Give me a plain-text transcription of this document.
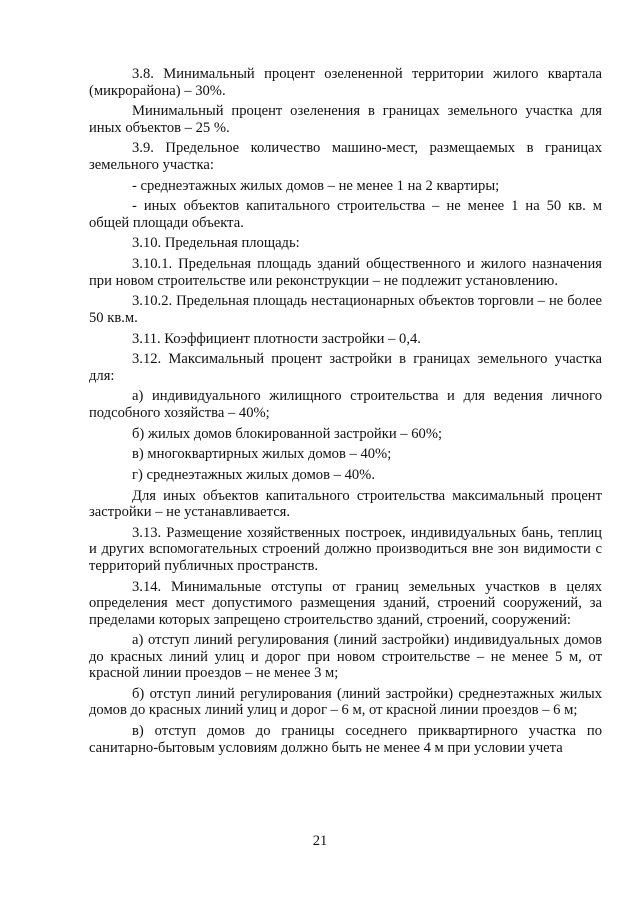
3.8. Минимальный процент озелененной территории жилого квартала (микрорайона) – 30%.

Минимальный процент озеленения в границах земельного участка для иных объектов – 25 %.

3.9. Предельное количество машино-мест, размещаемых в границах земельного участка:

- среднеэтажных жилых домов – не менее 1 на 2 квартиры;

- иных объектов капитального строительства – не менее 1 на 50 кв. м общей площади объекта.

3.10. Предельная площадь:

3.10.1. Предельная площадь зданий общественного и жилого назначения при новом строительстве или реконструкции – не подлежит установлению.

3.10.2. Предельная площадь нестационарных объектов торговли – не более 50 кв.м.

3.11. Коэффициент плотности застройки – 0,4.

3.12. Максимальный процент застройки в границах земельного участка для:

а) индивидуального жилищного строительства и для ведения личного подсобного хозяйства – 40%;

б) жилых домов блокированной застройки – 60%;

в) многоквартирных жилых домов – 40%;

г) среднеэтажных жилых домов – 40%.

Для иных объектов капитального строительства максимальный процент застройки – не устанавливается.

3.13. Размещение хозяйственных построек, индивидуальных бань, теплиц и других вспомогательных строений должно производиться вне зон видимости с территорий публичных пространств.

3.14. Минимальные отступы от границ земельных участков в целях определения мест допустимого размещения зданий, строений сооружений, за пределами которых запрещено строительство зданий, строений, сооружений:

а) отступ линий регулирования (линий застройки) индивидуальных домов до красных линий улиц и дорог при новом строительстве – не менее 5 м, от красной линии проездов – не менее 3 м;

б) отступ линий регулирования (линий застройки) среднеэтажных жилых домов до красных линий улиц и дорог – 6 м, от красной линии проездов – 6 м;

в) отступ домов до границы соседнего приквартирного участка по санитарно-бытовым условиям должно быть не менее 4 м при условии учета

21
